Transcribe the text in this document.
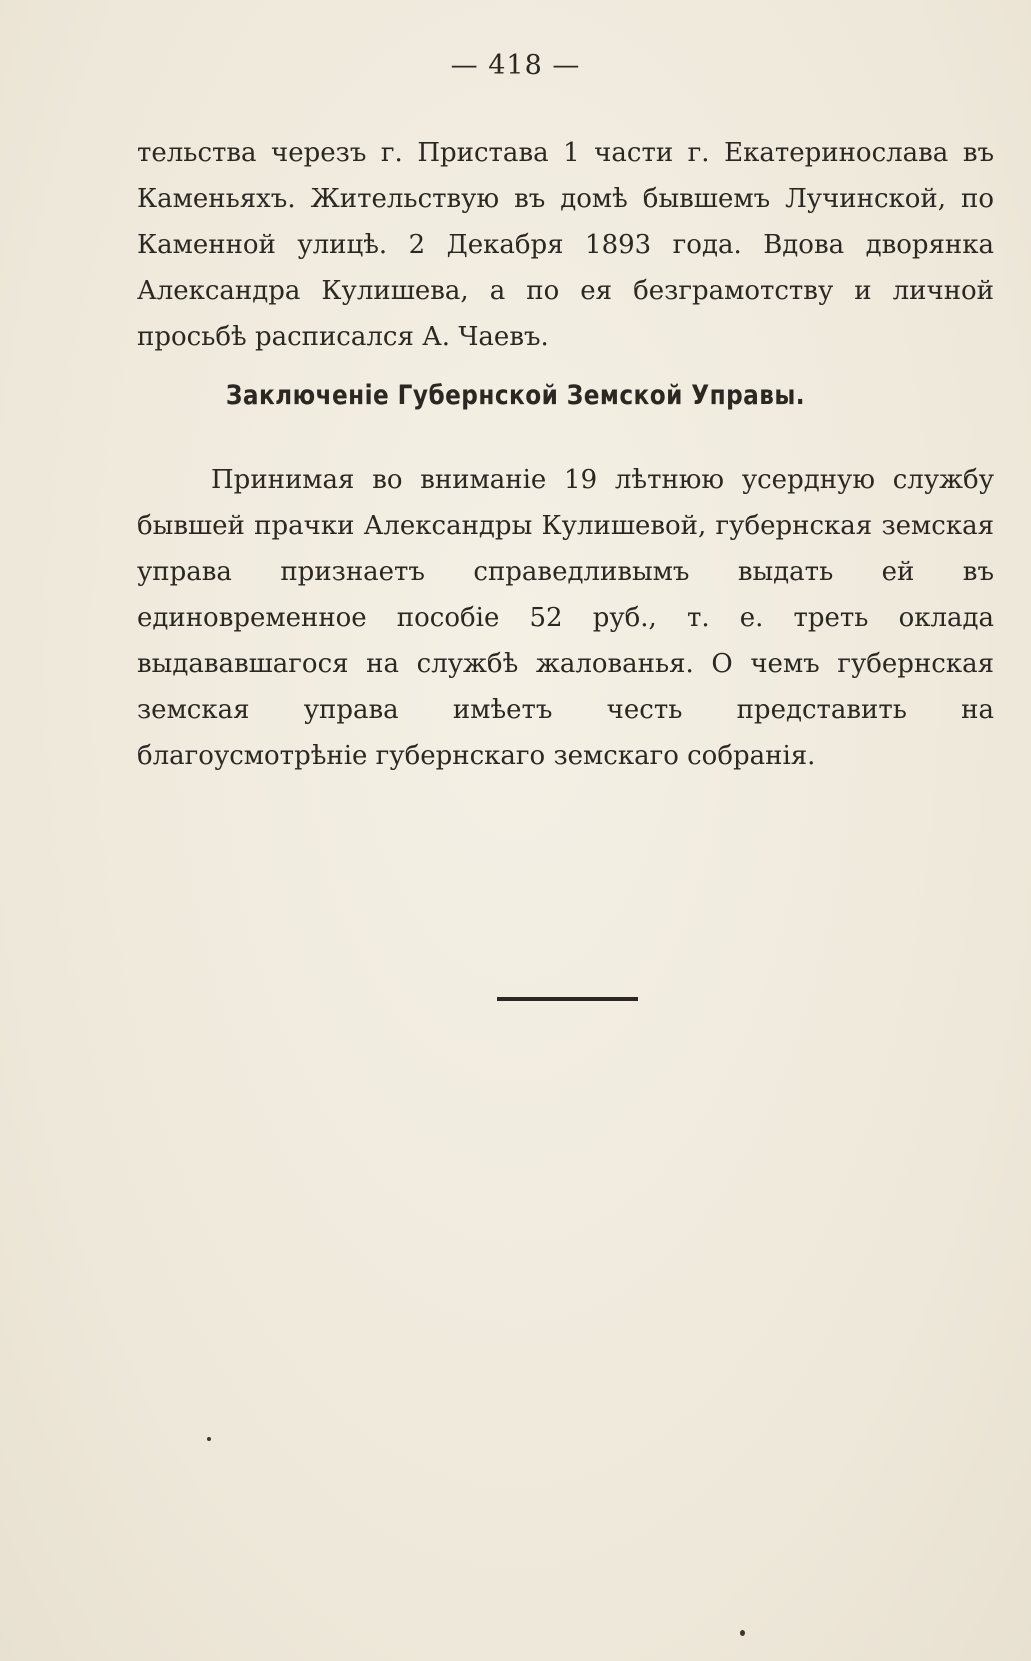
— 418 —

тельства черезъ г. Пристава 1 части г. Екатеринослава въ Каменьяхъ. Жительствую въ домѣ бывшемъ Лучинской, по Каменной улицѣ. 2 Декабря 1893 года. Вдова дворянка Александра Кулишева, а по ея безграмотству и личной просьбѣ расписался А. Чаевъ.

Заключенiе Губернской Земской Управы.

Принимая во вниманiе 19 лѣтнюю усердную службу бывшей прачки Александры Кулишевой, губернская земская управа признаетъ справедливымъ выдать ей въ единовременное пособiе 52 руб., т. е. треть оклада выдававшагося на службѣ жалованья. О чемъ губернская земская управа имѣетъ честь представить на благоусмотрѣнiе губернскаго земскаго собранiя.
